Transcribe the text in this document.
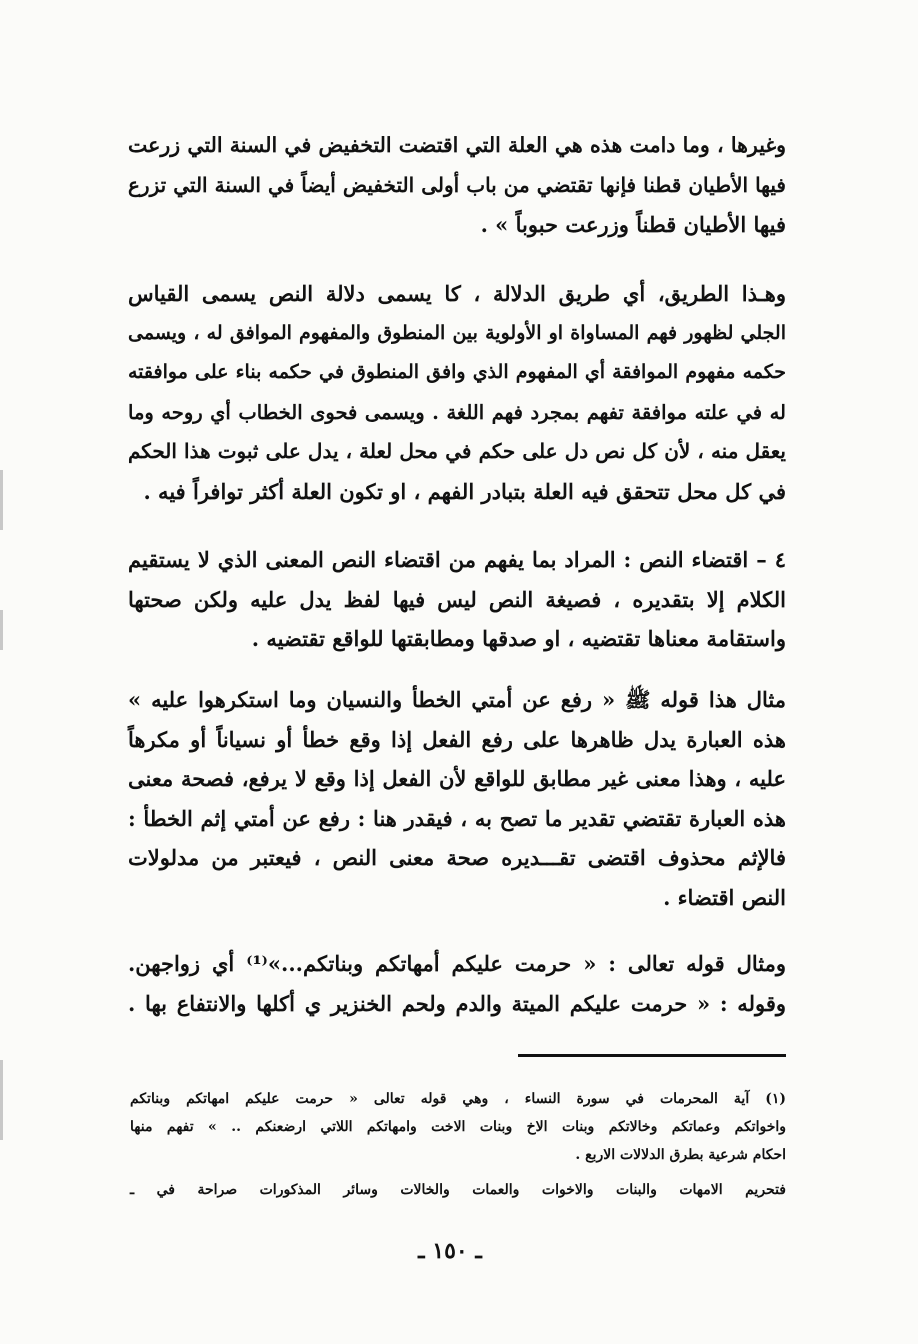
وغيرها ، وما دامت هذه هي العلة التي اقتضت التخفيض في السنة التي زرعت
فيها الأطيان قطنا فإنها تقتضي من باب أولى التخفيض أيضاً في السنة التي تزرع
فيها الأطيان قطناً وزرعت حبوباً » .
وهـذا الطريق، أي طريق الدلالة ، كا يسمى دلالة النص يسمى القياس
الجلي لظهور فهم المساواة او الأولوية بين المنطوق والمفهوم الموافق له ، ويسمى
حكمه مفهوم الموافقة أي المفهوم الذي وافق المنطوق في حكمه بناء على موافقته
له في علته موافقة تفهم بمجرد فهم اللغة . ويسمى فحوى الخطاب أي روحه وما
يعقل منه ، لأن كل نص دل على حكم في محل لعلة ، يدل على ثبوت هذا الحكم
في كل محل تتحقق فيه العلة بتبادر الفهم ، او تكون العلة أكثر توافراً فيه .
٤ – اقتضاء النص : المراد بما يفهم من اقتضاء النص المعنى الذي لا يستقيم
الكلام إلا بتقديره ، فصيغة النص ليس فيها لفظ يدل عليه ولكن صحتها
واستقامة معناها تقتضيه ، او صدقها ومطابقتها للواقع تقتضيه .
مثال هذا قوله ﷺ « رفع عن أمتي الخطأ والنسيان وما استكرهوا عليه »
هذه العبارة يدل ظاهرها على رفع الفعل إذا وقع خطأ أو نسياناً أو مكرهاً
عليه ، وهذا معنى غير مطابق للواقع لأن الفعل إذا وقع لا يرفع، فصحة معنى
هذه العبارة تقتضي تقدير ما تصح به ، فيقدر هنا : رفع عن أمتي إثم الخطأ :
فالإثم محذوف اقتضى تقـــديره صحة معنى النص ، فيعتبر من مدلولات
النص اقتضاء .
ومثال قوله تعالى : « حرمت عليكم أمهاتكم وبناتكم...»⁽¹⁾ أي زواجهن.
وقوله : « حرمت عليكم الميتة والدم ولحم الخنزير ي أكلها والانتفاع بها .
(١) آية المحرمات في سورة النساء ، وهي قوله تعالى « حرمت عليكم امهاتكم وبناتكم
واخواتكم وعماتكم وخالاتكم وبنات الاخ وبنات الاخت وامهاتكم اللاتي ارضعنكم .. » تفهم منها
احكام شرعية بطرق الدلالات الاربع .
فتحريم الامهات والبنات والاخوات والعمات والخالات وسائر المذكورات صراحة في ـ
ـ ١٥٠ ـ
